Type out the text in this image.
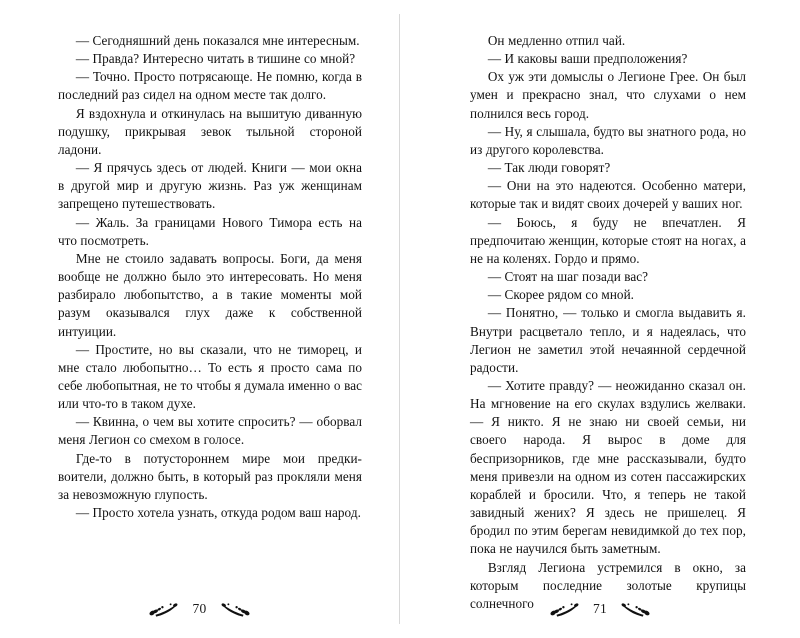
— Сегодняшний день показался мне интересным.

— Правда? Интересно читать в тишине со мной?

— Точно. Просто потрясающе. Не помню, когда в последний раз сидел на одном месте так долго.

Я вздохнула и откинулась на вышитую диванную подушку, прикрывая зевок тыльной стороной ладони.

— Я прячусь здесь от людей. Книги — мои окна в другой мир и другую жизнь. Раз уж женщинам запрещено путешествовать.

— Жаль. За границами Нового Тимора есть на что посмотреть.

Мне не стоило задавать вопросы. Боги, да меня вообще не должно было это интересовать. Но меня разбирало любопытство, а в такие моменты мой разум оказывался глух даже к собственной интуиции.

— Простите, но вы сказали, что не тиморец, и мне стало любопытно… То есть я просто сама по себе любопытная, не то чтобы я думала именно о вас или что-то в таком духе.

— Квинна, о чем вы хотите спросить? — оборвал меня Легион со смехом в голосе.

Где-то в потустороннем мире мои предки-воители, должно быть, в который раз прокляли меня за невозможную глупость.

— Просто хотела узнать, откуда родом ваш народ.

70

Он медленно отпил чай.

— И каковы ваши предположения?

Ох уж эти домыслы о Легионе Грее. Он был умен и прекрасно знал, что слухами о нем полнился весь город.

— Ну, я слышала, будто вы знатного рода, но из другого королевства.

— Так люди говорят?

— Они на это надеются. Особенно матери, которые так и видят своих дочерей у ваших ног.

— Боюсь, я буду не впечатлен. Я предпочитаю женщин, которые стоят на ногах, а не на коленях. Гордо и прямо.

— Стоят на шаг позади вас?

— Скорее рядом со мной.

— Понятно, — только и смогла выдавить я. Внутри расцветало тепло, и я надеялась, что Легион не заметил этой нечаянной сердечной радости.

— Хотите правду? — неожиданно сказал он. На мгновение на его скулах вздулись желваки. — Я никто. Я не знаю ни своей семьи, ни своего народа. Я вырос в доме для беспризорников, где мне рассказывали, будто меня привезли на одном из сотен пассажирских кораблей и бросили. Что, я теперь не такой завидный жених? Я здесь не пришелец. Я бродил по этим берегам невидимкой до тех пор, пока не научился быть заметным.

Взгляд Легиона устремился в окно, за которым последние золотые крупицы солнечного	71
